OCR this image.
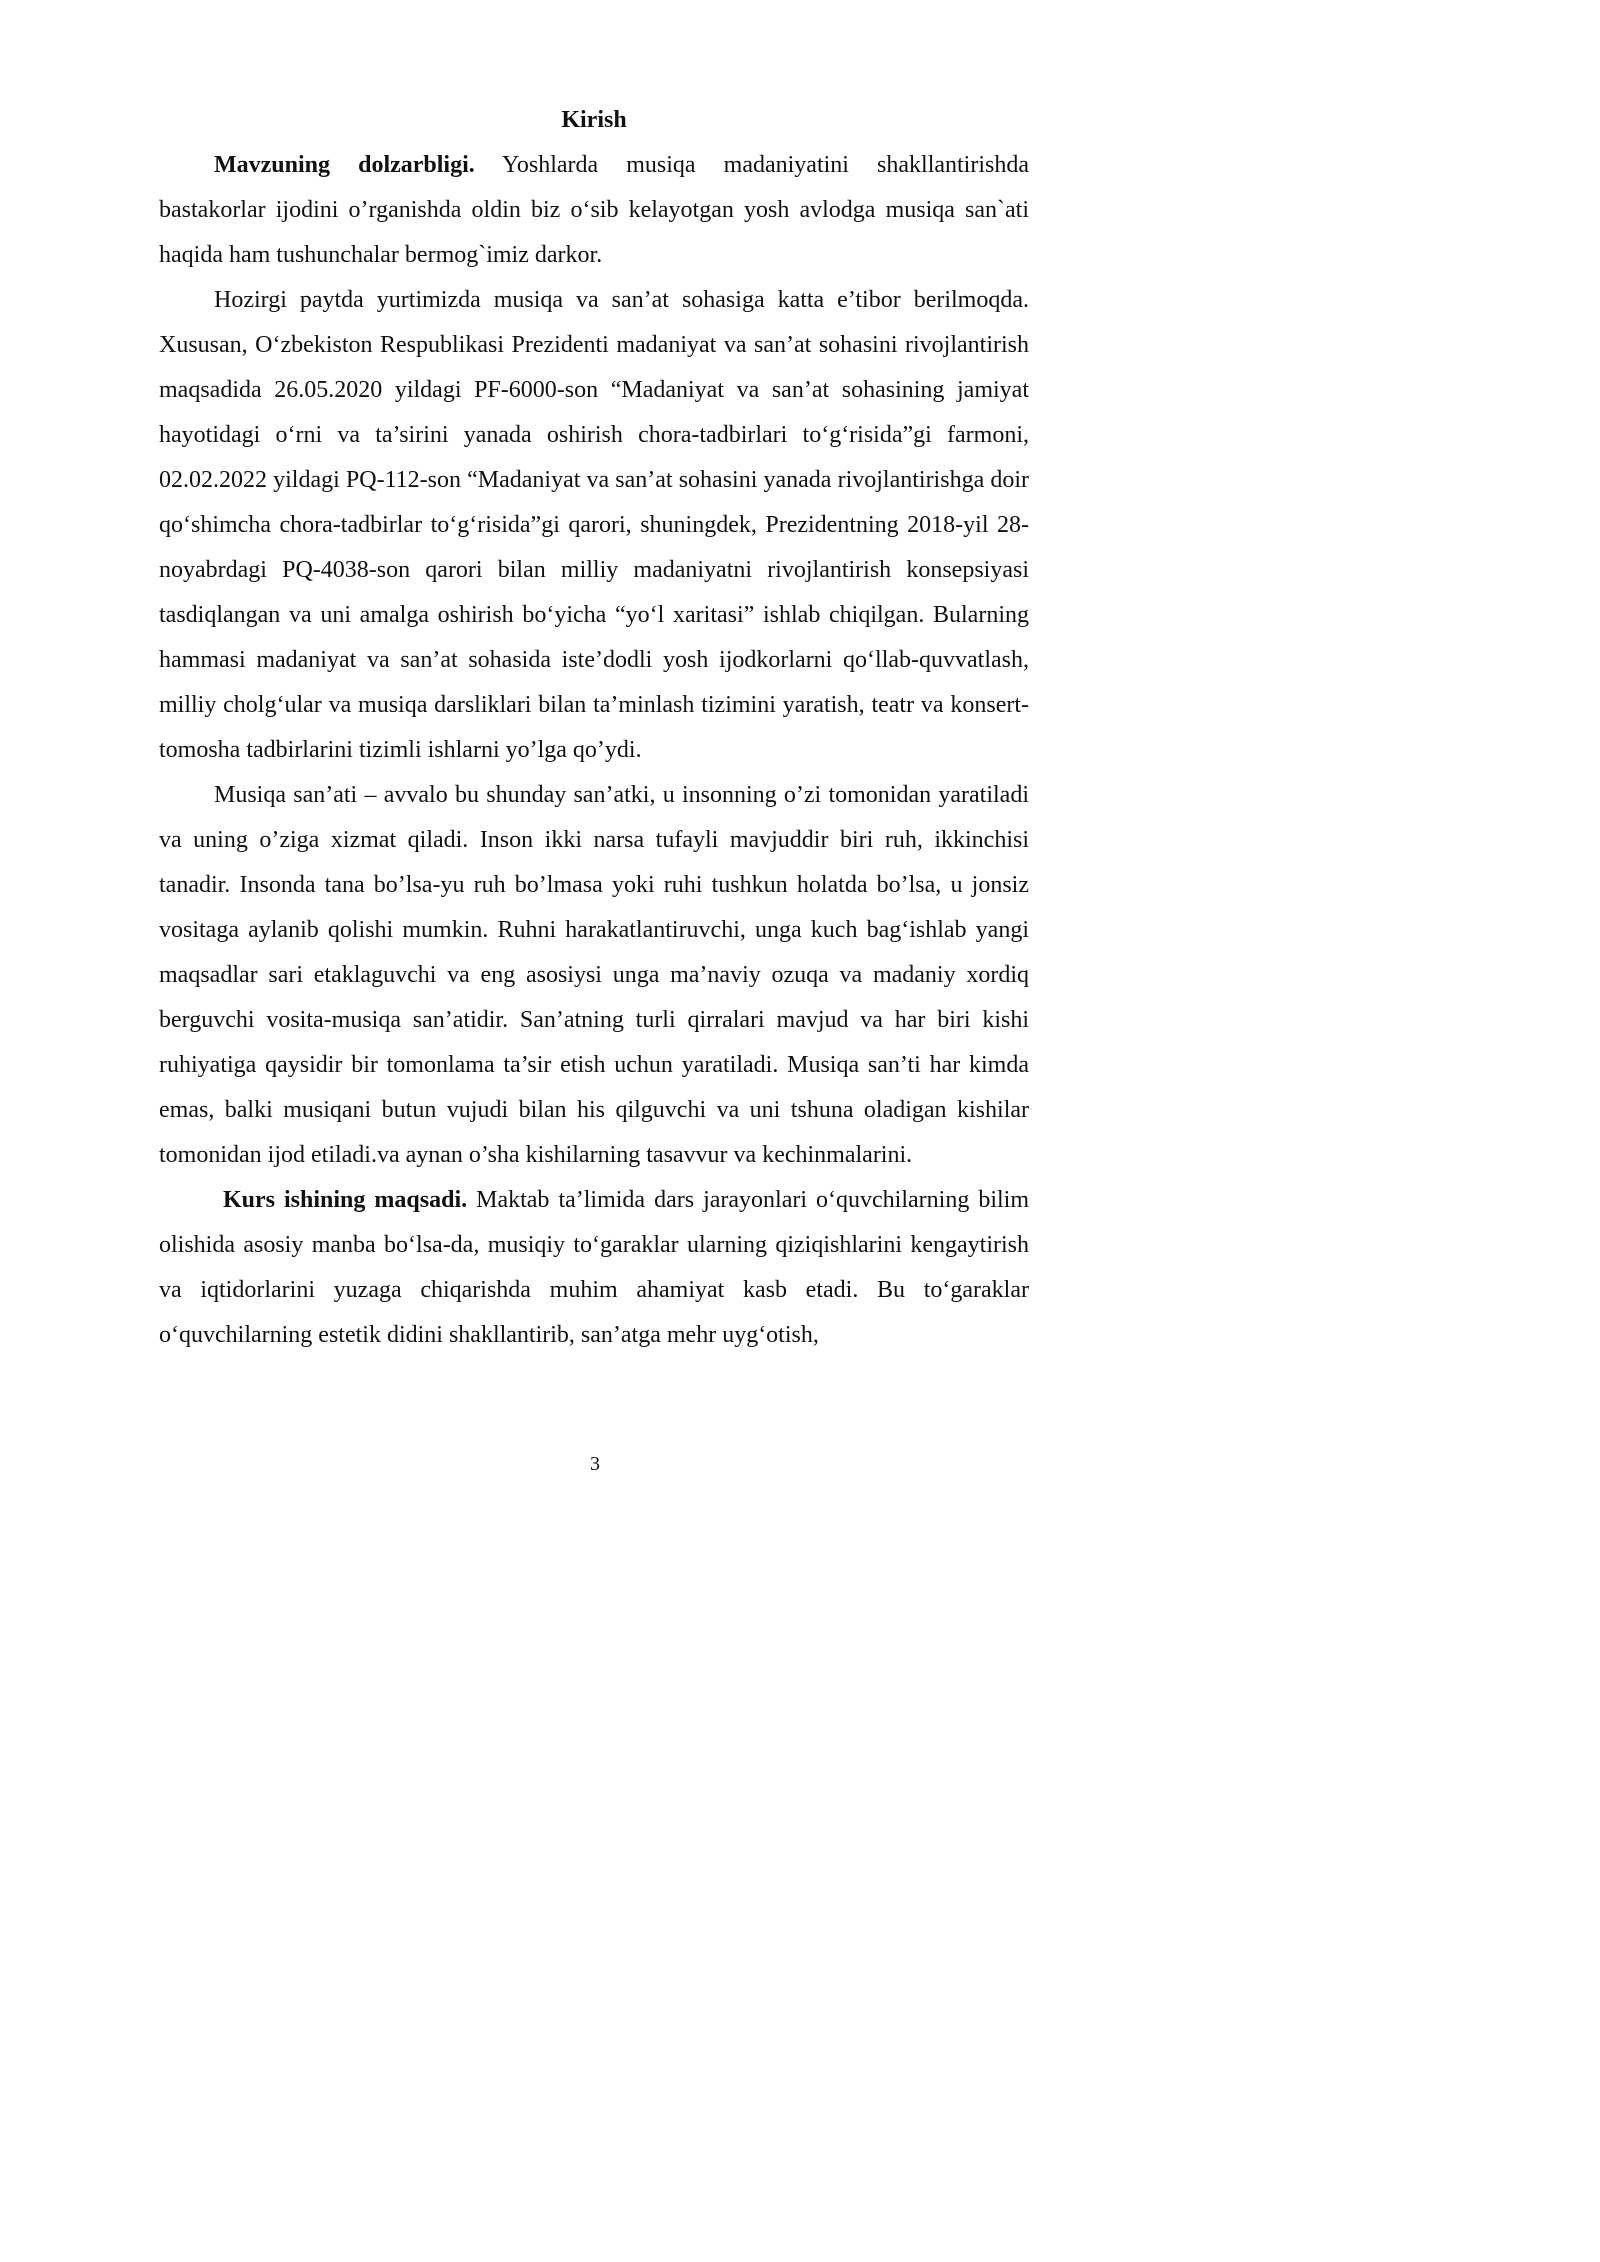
Kirish

Mavzuning dolzarbligi. Yoshlarda musiqa madaniyatini shakllantirishda bastakorlar ijodini o’rganishda oldin biz o‘sib kelayotgan yosh avlodga musiqa san`ati haqida ham tushunchalar bermog`imiz darkor.

Hozirgi paytda yurtimizda musiqa va san’at sohasiga katta e’tibor berilmoqda. Xususan, O‘zbekiston Respublikasi Prezidenti madaniyat va san’at sohasini rivojlantirish maqsadida 26.05.2020 yildagi PF-6000-son “Madaniyat va san’at sohasining jamiyat hayotidagi o‘rni va ta’sirini yanada oshirish chora-tadbirlari to‘g‘risida”gi farmoni, 02.02.2022 yildagi PQ-112-son “Madaniyat va san’at sohasini yanada rivojlantirishga doir qo‘shimcha chora-tadbirlar to‘g‘risida”gi qarori, shuningdek, Prezidentning 2018-yil 28-noyabrdagi PQ-4038-son qarori bilan milliy madaniyatni rivojlantirish konsepsiyasi tasdiqlangan va uni amalga oshirish bo‘yicha “yo‘l xaritasi” ishlab chiqilgan. Bularning hammasi madaniyat va san’at sohasida iste’dodli yosh ijodkorlarni qo‘llab-quvvatlash, milliy cholg‘ular va musiqa darsliklari bilan ta’minlash tizimini yaratish, teatr va konsert-tomosha tadbirlarini tizimli ishlarni yo’lga qo’ydi.

Musiqa san’ati – avvalo bu shunday san’atki, u insonning o’zi tomonidan yaratiladi va uning o’ziga xizmat qiladi. Inson ikki narsa tufayli mavjuddir biri ruh, ikkinchisi tanadir. Insonda tana bo’lsa-yu ruh bo’lmasa yoki ruhi tushkun holatda bo’lsa, u jonsiz vositaga aylanib qolishi mumkin. Ruhni harakatlantiruvchi, unga kuch bag‘ishlab yangi maqsadlar sari etaklaguvchi va eng asosiysi unga ma’naviy ozuqa va madaniy xordiq berguvchi vosita-musiqa san’atidir. San’atning turli qirralari mavjud va har biri kishi ruhiyatiga qaysidir bir tomonlama ta’sir etish uchun yaratiladi. Musiqa san’ti har kimda emas, balki musiqani butun vujudi bilan his qilguvchi va uni tshuna oladigan kishilar tomonidan ijod etiladi.va aynan o’sha kishilarning tasavvur va kechinmalarini.

Kurs ishining maqsadi. Maktab ta’limida dars jarayonlari o‘quvchilarning bilim olishida asosiy manba bo‘lsa-da, musiqiy to‘garaklar ularning qiziqishlarini kengaytirish va iqtidorlarini yuzaga chiqarishda muhim ahamiyat kasb etadi. Bu to‘garaklar o‘quvchilarning estetik didini shakllantirib, san’atga mehr uyg‘otish,

3
